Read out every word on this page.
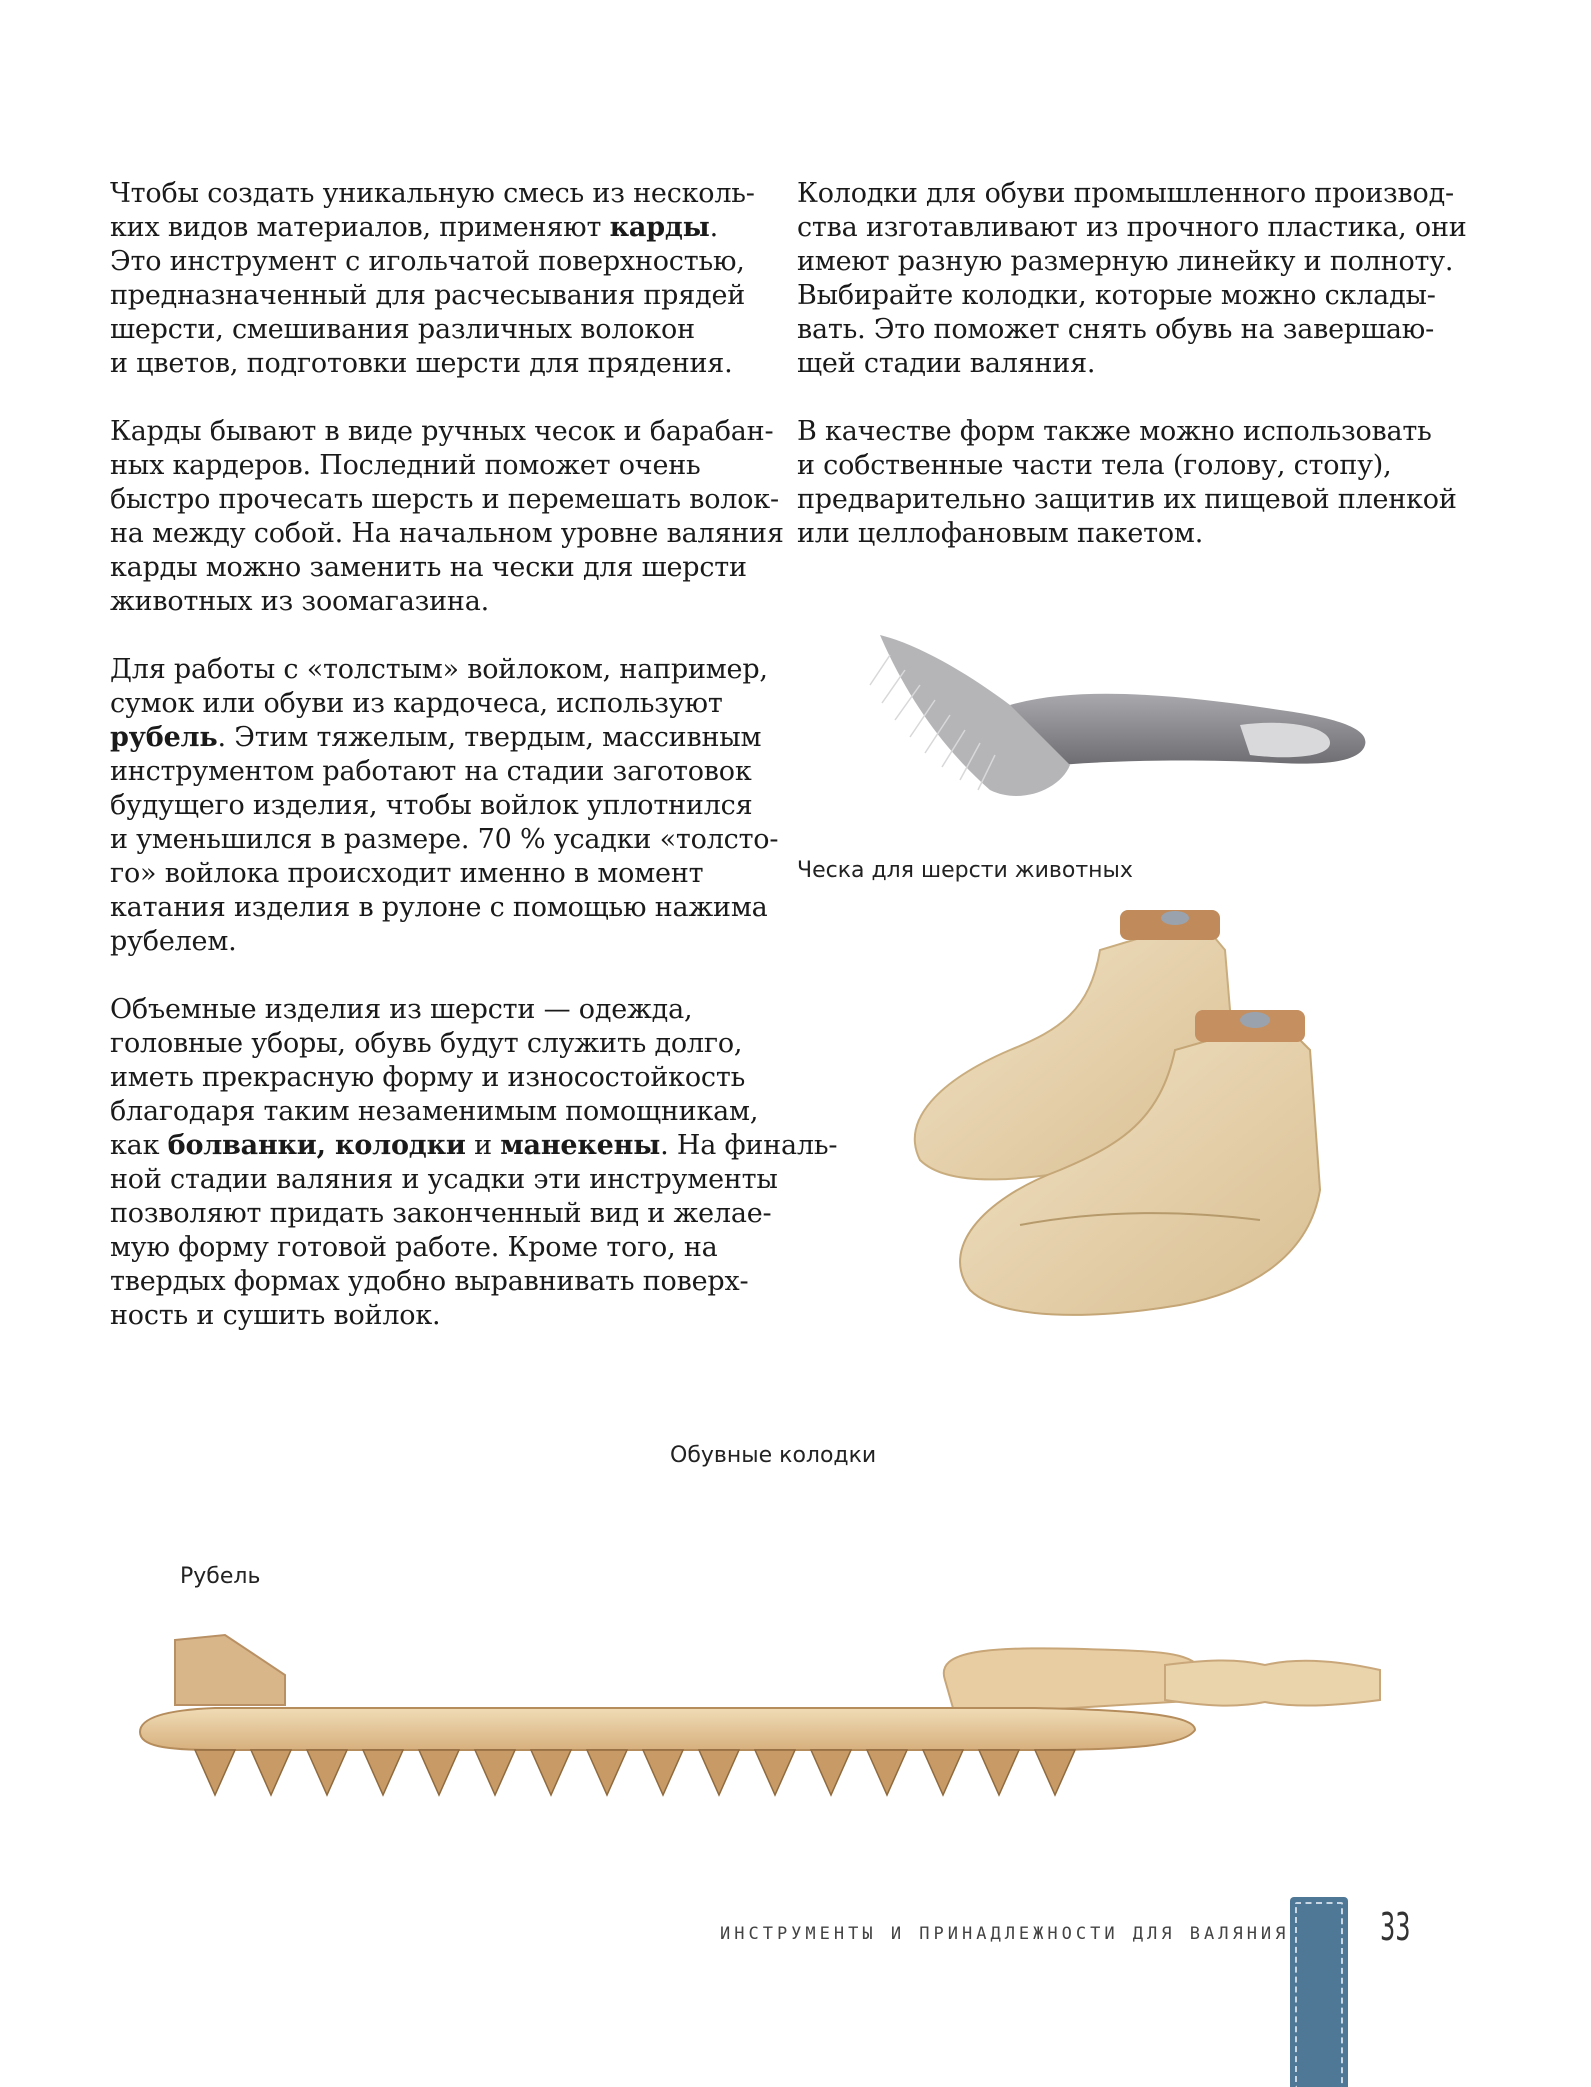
Чтобы создать уникальную смесь из несколь-
ких видов материалов, применяют карды.
Это инструмент с игольчатой поверхностью,
предназначенный для расчесывания прядей
шерсти, смешивания различных волокон
и цветов, подготовки шерсти для прядения.
Карды бывают в виде ручных чесок и барабан-
ных кардеров. Последний поможет очень
быстро прочесать шерсть и перемешать волок-
на между собой. На начальном уровне валяния
карды можно заменить на чески для шерсти
животных из зоомагазина.
Для работы с «толстым» войлоком, например,
сумок или обуви из кардочеса, используют
рубель. Этим тяжелым, твердым, массивным
инструментом работают на стадии заготовок
будущего изделия, чтобы войлок уплотнился
и уменьшился в размере. 70 % усадки «толсто-
го» войлока происходит именно в момент
катания изделия в рулоне с помощью нажима
рубелем.
Объемные изделия из шерсти — одежда,
головные уборы, обувь будут служить долго,
иметь прекрасную форму и износостойкость
благодаря таким незаменимым помощникам,
как болванки, колодки и манекены. На финаль-
ной стадии валяния и усадки эти инструменты
позволяют придать законченный вид и желае-
мую форму готовой работе. Кроме того, на
твердых формах удобно выравнивать поверх-
ность и сушить войлок.
Колодки для обуви промышленного производ-
ства изготавливают из прочного пластика, они
имеют разную размерную линейку и полноту.
Выбирайте колодки, которые можно склады-
вать. Это поможет снять обувь на завершаю-
щей стадии валяния.
В качестве форм также можно использовать
и собственные части тела (голову, стопу),
предварительно защитив их пищевой пленкой
или целлофановым пакетом.
Ческа для шерсти животных
Обувные колодки
Рубель
ИНСТРУМЕНТЫ И ПРИНАДЛЕЖНОСТИ ДЛЯ ВАЛЯНИЯ 33
